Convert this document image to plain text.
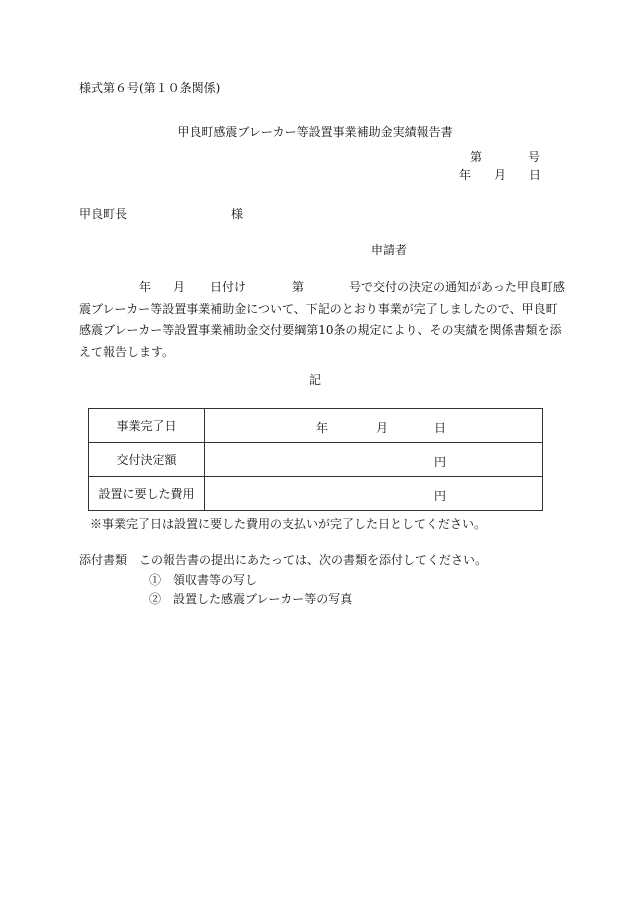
様式第６号(第１０条関係)
甲良町感震ブレーカー等設置事業補助金実績報告書
第	号
年 月 日
甲良町長	様
申請者
年 月 日付け	第	号で交付の決定の通知があった甲良町感
震ブレーカー等設置事業補助金について、下記のとおり事業が完了しましたので、甲良町
感震ブレーカー等設置事業補助金交付要綱第10条の規定により、その実績を関係書類を添
えて報告します。
記
事業完了日	年 月 日

交付決定額	円

設置に要した費用	円
※事業完了日は設置に要した費用の支払いが完了した日としてください。
添付書類　この報告書の提出にあたっては、次の書類を添付してください。
①　領収書等の写し
②　設置した感震ブレーカー等の写真
